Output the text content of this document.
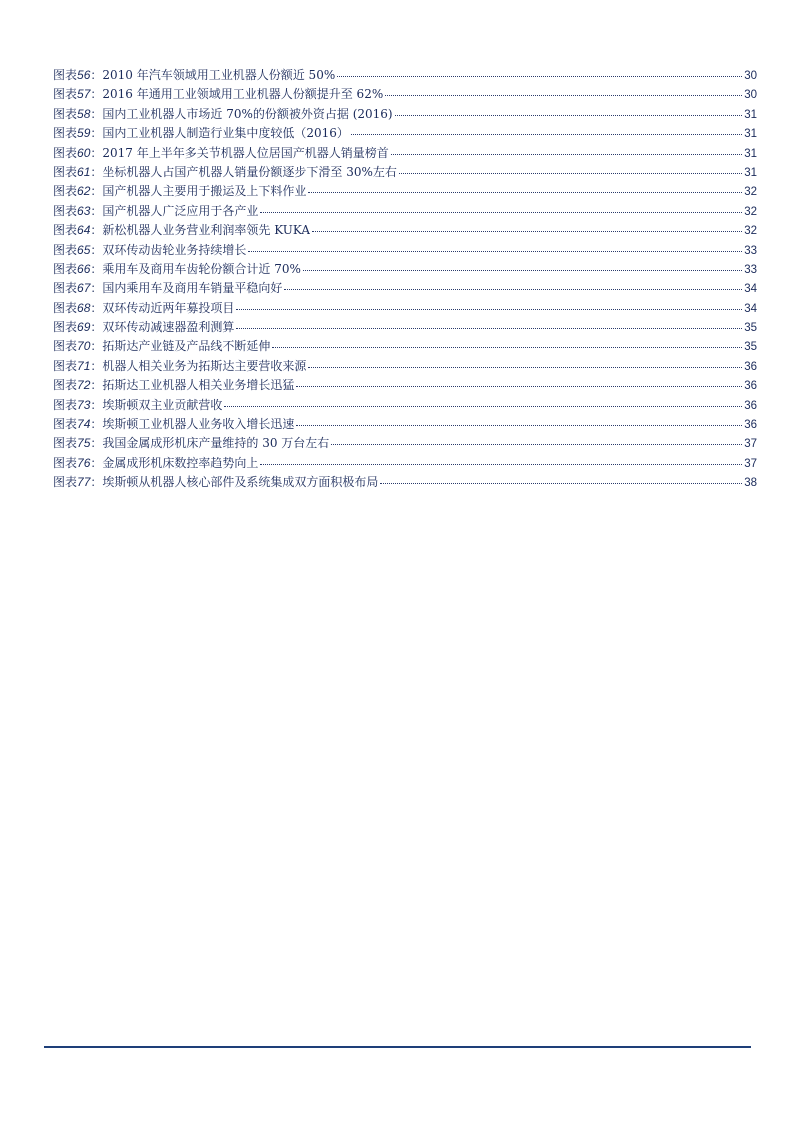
图表56： 2010 年汽车领域用工业机器人份额近 50%	30
图表57： 2016 年通用工业领域用工业机器人份额提升至 62%	30
图表58： 国内工业机器人市场近 70%的份额被外资占据 (2016)	31
图表59： 国内工业机器人制造行业集中度较低（2016）	31
图表60： 2017 年上半年多关节机器人位居国产机器人销量榜首	31
图表61： 坐标机器人占国产机器人销量份额逐步下滑至 30%左右	31
图表62： 国产机器人主要用于搬运及上下料作业	32
图表63： 国产机器人广泛应用于各产业	32
图表64： 新松机器人业务营业利润率领先 KUKA	32
图表65： 双环传动齿轮业务持续增长	33
图表66： 乘用车及商用车齿轮份额合计近 70%	33
图表67： 国内乘用车及商用车销量平稳向好	34
图表68： 双环传动近两年募投项目	34
图表69： 双环传动减速器盈利测算	35
图表70： 拓斯达产业链及产品线不断延伸	35
图表71： 机器人相关业务为拓斯达主要营收来源	36
图表72： 拓斯达工业机器人相关业务增长迅猛	36
图表73： 埃斯顿双主业贡献营收	36
图表74： 埃斯顿工业机器人业务收入增长迅速	36
图表75： 我国金属成形机床产量维持的 30 万台左右	37
图表76： 金属成形机床数控率趋势向上	37
图表77： 埃斯顿从机器人核心部件及系统集成双方面积极布局	38
